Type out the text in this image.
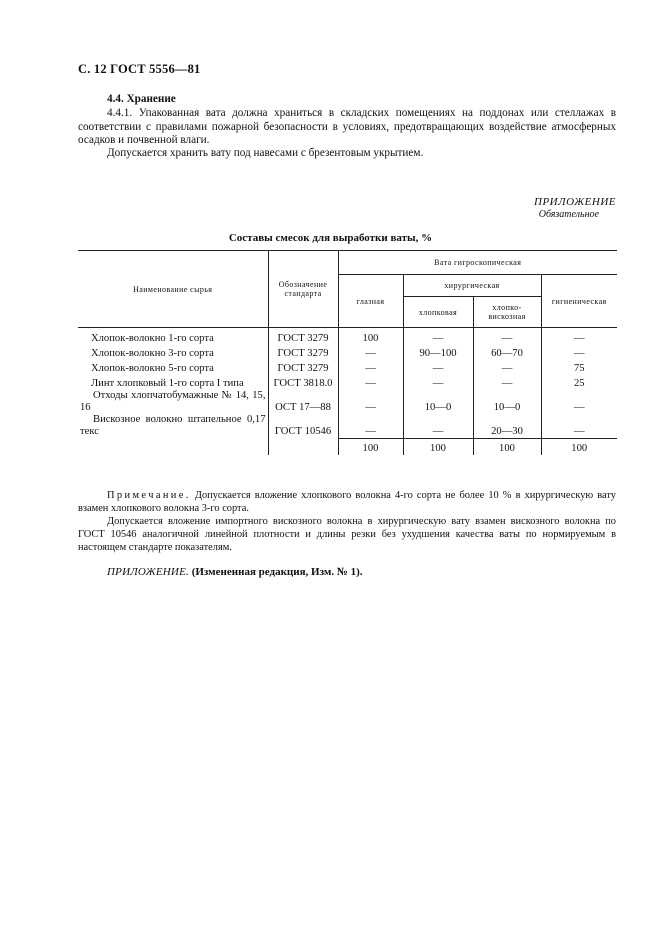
С. 12 ГОСТ 5556—81
4.4. Хранение
4.4.1. Упакованная вата должна храниться в складских помещениях на поддонах или стеллажах в соответствии с правилами пожарной безопасности в условиях, предотвращающих воздействие атмосферных осадков и почвенной влаги.
Допускается хранить вату под навесами с брезентовым укрытием.
ПРИЛОЖЕНИЕ
Обязательное
Составы смесок для выработки ваты, %
Наименование сырья	Обозначение стандарта	Вата гигроскопическая			
		глазная	хирургическая		гигиеническая
			хлопковая	хлопко-вискозная	
Хлопок-волокно 1-го сорта	ГОСТ 3279	100	—	—	—
Хлопок-волокно 3-го сорта	ГОСТ 3279	—	90—100	60—70	—
Хлопок-волокно 5-го сорта	ГОСТ 3279	—	—	—	75
Линт хлопковый 1-го сорта I типа	ГОСТ 3818.0	—	—	—	25
Отходы хлопчатобумажные № 14, 15, 16	ОСТ 17—88	—	10—0	10—0	—
Вискозное волокно штапельное 0,17 текс	ГОСТ 10546	—	—	20—30	—
		100	100	100	100
Примечание. Допускается вложение хлопкового волокна 4-го сорта не более 10 % в хирургическую вату взамен хлопкового волокна 3-го сорта.
Допускается вложение импортного вискозного волокна в хирургическую вату взамен вискозного волокна по ГОСТ 10546 аналогичной линейной плотности и длины резки без ухудшения качества ваты по нормируемым в настоящем стандарте показателям.
ПРИЛОЖЕНИЕ. (Измененная редакция, Изм. № 1).
